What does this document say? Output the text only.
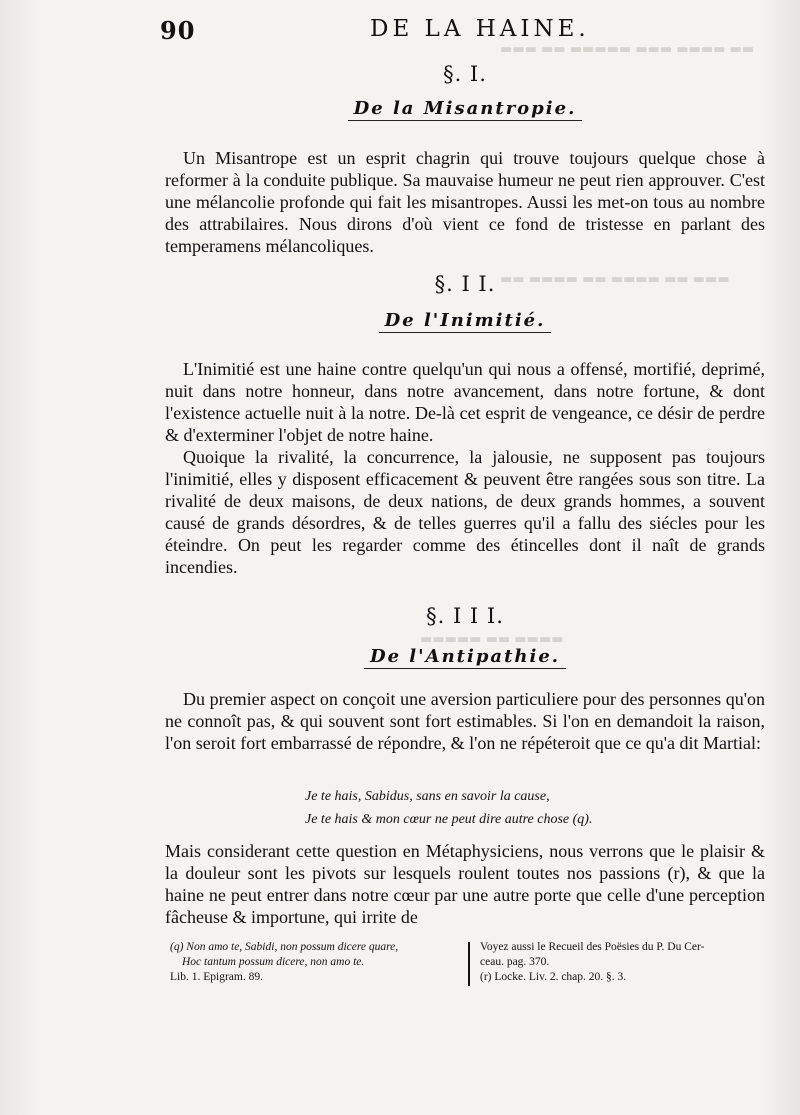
▬▬ ▬▬▬▬ ▬▬▬ ▬▬▬▬▬ ▬▬ ▬▬▬
▬▬▬ ▬▬ ▬▬▬▬ ▬▬ ▬▬▬▬ ▬▬
▬▬▬▬ ▬▬ ▬▬▬▬▬
90	DE LA HAINE.
§. I.
De la Misantropie.

Un Misantrope est un esprit chagrin qui trouve toujours quelque chose à reformer à la conduite publique. Sa mauvaise humeur ne peut rien approuver. C'est une mélancolie profonde qui fait les misantropes. Aussi les met-on tous au nombre des attrabilaires. Nous dirons d'où vient ce fond de tristesse en parlant des temperamens mélancoliques.

§. I I.
De l'Inimitié.

L'Inimitié est une haine contre quelqu'un qui nous a offensé, mortifié, deprimé, nuit dans notre honneur, dans notre avancement, dans notre fortune, & dont l'existence actuelle nuit à la notre. De-là cet esprit de vengeance, ce désir de perdre & d'exterminer l'objet de notre haine.

Quoique la rivalité, la concurrence, la jalousie, ne supposent pas toujours l'inimitié, elles y disposent efficacement & peuvent être rangées sous son titre. La rivalité de deux maisons, de deux nations, de deux grands hommes, a souvent causé de grands désordres, & de telles guerres qu'il a fallu des siécles pour les éteindre. On peut les regarder comme des étincelles dont il naît de grands incendies.

§. I I I.
De l'Antipathie.

Du premier aspect on conçoit une aversion particuliere pour des personnes qu'on ne connoît pas, & qui souvent sont fort estimables. Si l'on en demandoit la raison, l'on seroit fort embarrassé de répondre, & l'on ne répéteroit que ce qu'a dit Martial:

Je te hais, Sabidus, sans en savoir la cause,
Je te hais & mon cœur ne peut dire autre chose (q).

Mais considerant cette question en Métaphysiciens, nous verrons que le plaisir & la douleur sont les pivots sur lesquels roulent toutes nos passions (r), & que la haine ne peut entrer dans notre cœur par une autre porte que celle d'une perception fâcheuse & importune, qui irrite de

(q) Non amo te, Sabidi, non possum dicere quare,
Hoc tantum possum dicere, non amo te.
Lib. 1. Epigram. 89.
Voyez aussi le Recueil des Poësies du P. Du Cer-
ceau. pag. 370.
(r) Locke. Liv. 2. chap. 20. §. 3.
